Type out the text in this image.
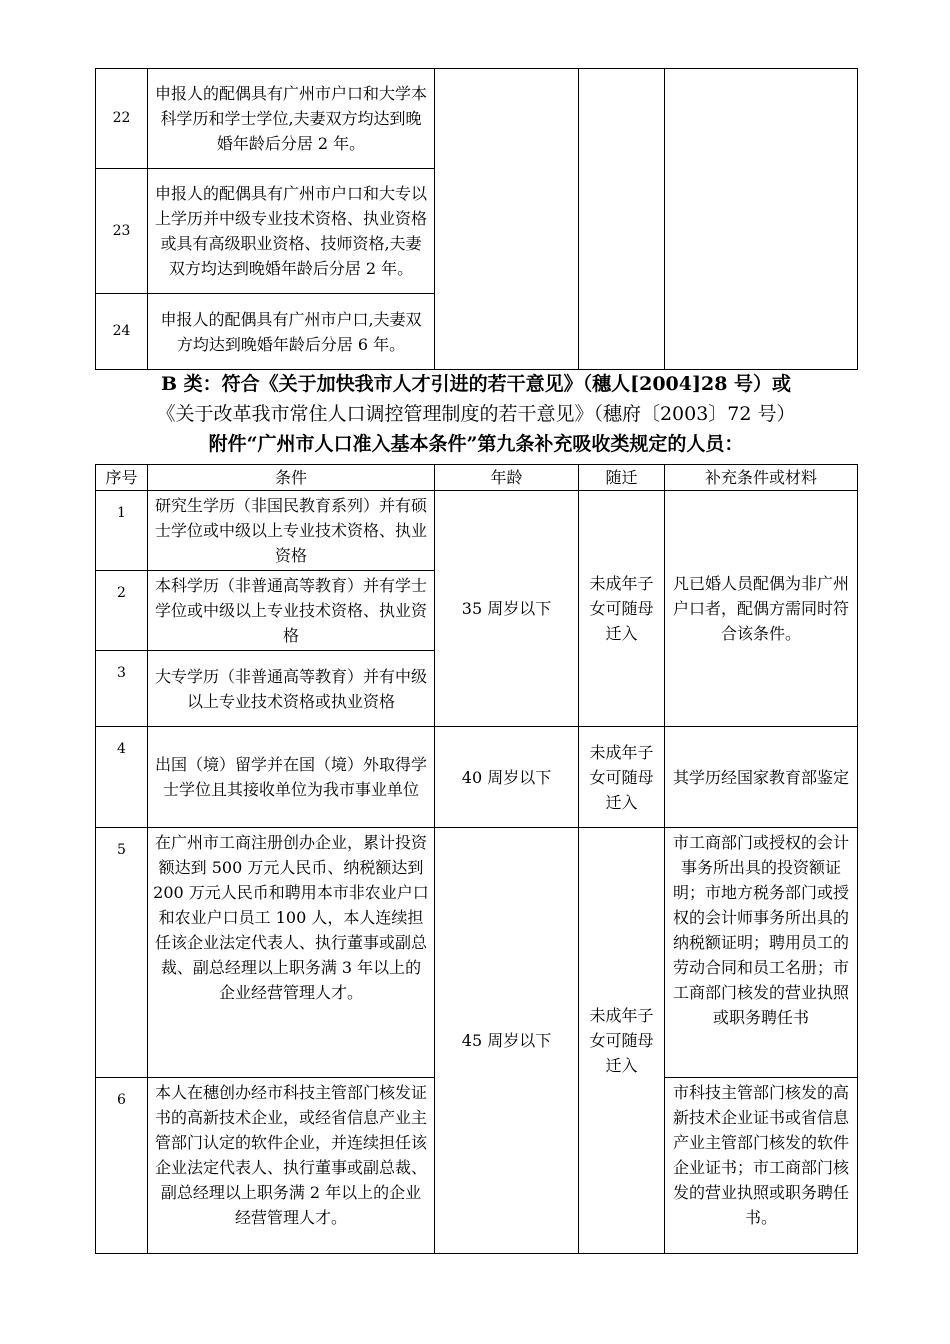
22	申报人的配偶具有广州市户口和大学本科学历和学士学位,夫妻双方均达到晚婚年龄后分居 2 年。			
23	申报人的配偶具有广州市户口和大专以上学历并中级专业技术资格、执业资格或具有高级职业资格、技师资格,夫妻双方均达到晚婚年龄后分居 2 年。			
24	申报人的配偶具有广州市户口,夫妻双方均达到晚婚年龄后分居 6 年。			
B 类：符合《关于加快我市人才引进的若干意见》（穗人[2004]28 号）或
《关于改革我市常住人口调控管理制度的若干意见》（穗府〔2003〕72 号）
附件“广州市人口准入基本条件”第九条补充吸收类规定的人员：
序号	条件	年龄	随迁	补充条件或材料
1	研究生学历（非国民教育系列）并有硕士学位或中级以上专业技术资格、执业资格	35 周岁以下	未成年子女可随母迁入	凡已婚人员配偶为非广州户口者，配偶方需同时符合该条件。
2	本科学历（非普通高等教育）并有学士学位或中级以上专业技术资格、执业资格			
3	大专学历（非普通高等教育）并有中级以上专业技术资格或执业资格			
4	出国（境）留学并在国（境）外取得学士学位且其接收单位为我市事业单位	40 周岁以下	未成年子女可随母迁入	其学历经国家教育部鉴定
5	在广州市工商注册创办企业，累计投资额达到 500 万元人民币、纳税额达到 200 万元人民币和聘用本市非农业户口和农业户口员工 100 人，本人连续担任该企业法定代表人、执行董事或副总裁、副总经理以上职务满 3 年以上的企业经营管理人才。	45 周岁以下	未成年子女可随母迁入	市工商部门或授权的会计事务所出具的投资额证明；市地方税务部门或授权的会计师事务所出具的纳税额证明；聘用员工的劳动合同和员工名册；市工商部门核发的营业执照或职务聘任书
6	本人在穗创办经市科技主管部门核发证书的高新技术企业，或经省信息产业主管部门认定的软件企业，并连续担任该企业法定代表人、执行董事或副总裁、副总经理以上职务满 2 年以上的企业经营管理人才。			市科技主管部门核发的高新技术企业证书或省信息产业主管部门核发的软件企业证书；市工商部门核发的营业执照或职务聘任书。
